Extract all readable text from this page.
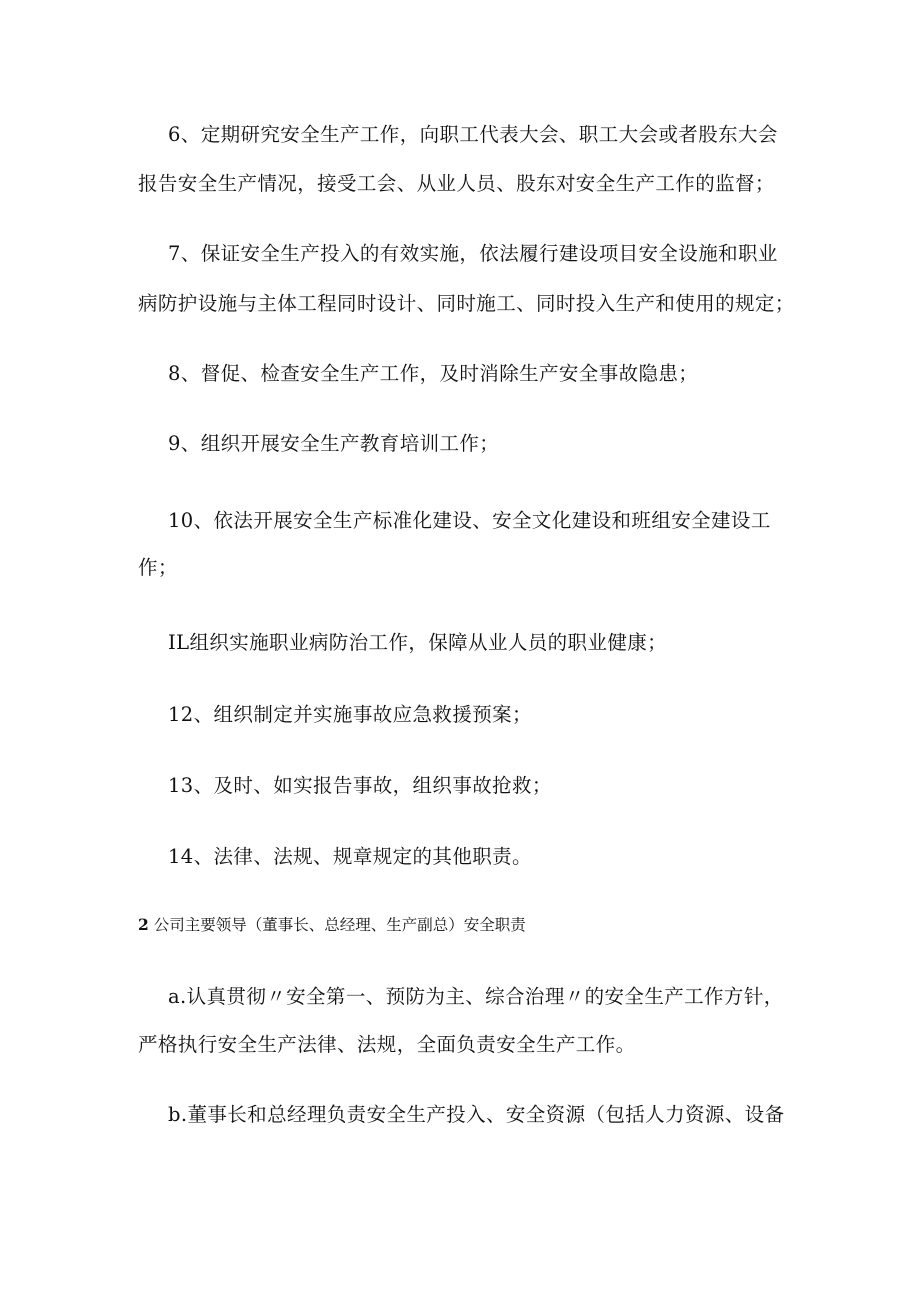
6、定期研究安全生产工作，向职工代表大会、职工大会或者股东大会
报告安全生产情况，接受工会、从业人员、股东对安全生产工作的监督；
7、保证安全生产投入的有效实施，依法履行建设项目安全设施和职业
病防护设施与主体工程同时设计、同时施工、同时投入生产和使用的规定；
8、督促、检查安全生产工作，及时消除生产安全事故隐患；
9、组织开展安全生产教育培训工作；
10、依法开展安全生产标准化建设、安全文化建设和班组安全建设工
作；
IL组织实施职业病防治工作，保障从业人员的职业健康；
12、组织制定并实施事故应急救援预案；
13、及时、如实报告事故，组织事故抢救；
14、法律、法规、规章规定的其他职责。
2 公司主要领导（董事长、总经理、生产副总）安全职责
a.认真贯彻〃安全第一、预防为主、综合治理〃的安全生产工作方针，
严格执行安全生产法律、法规，全面负责安全生产工作。
b.董事长和总经理负责安全生产投入、安全资源（包括人力资源、设备
